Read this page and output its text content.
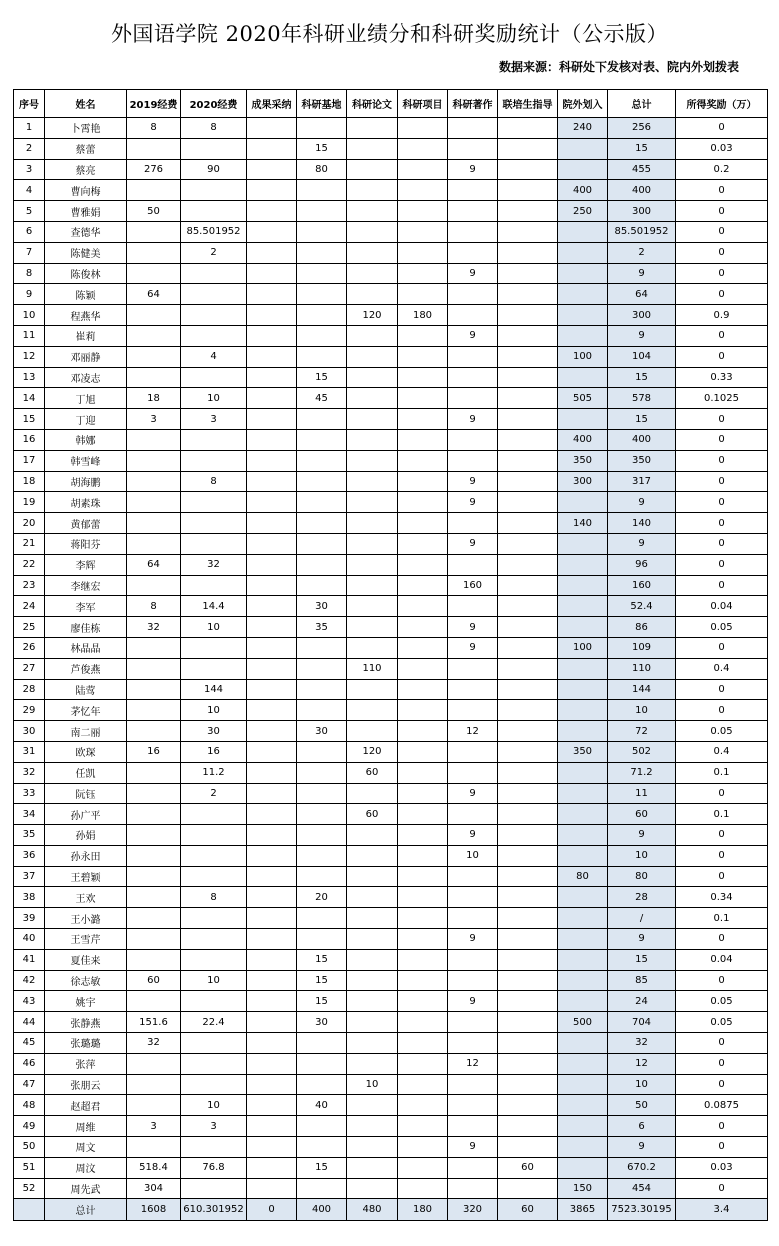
外国语学院 2020年科研业绩分和科研奖励统计（公示版）
数据来源：科研处下发核对表、院内外划拨表
序号	姓名	2019经费	2020经费	成果采纳	科研基地	科研论文	科研项目	科研著作	联培生指导	院外划入	总计	所得奖励（万）
1	卜霄艳	8	8							240	256	0
2	蔡蕾				15						15	0.03
3	蔡亮	276	90		80			9			455	0.2
4	曹向梅									400	400	0
5	曹雅娟	50								250	300	0
6	查德华		85.501952								85.501952	0
7	陈健美		2								2	0
8	陈俊林							9			9	0
9	陈颖	64									64	0
10	程燕华					120	180				300	0.9
11	崔莉							9			9	0
12	邓丽静		4							100	104	0
13	邓凌志				15						15	0.33
14	丁旭	18	10		45					505	578	0.1025
15	丁迎	3	3					9			15	0
16	韩娜									400	400	0
17	韩雪峰									350	350	0
18	胡海鹏		8					9		300	317	0
19	胡素珠							9			9	0
20	黄郁蕾									140	140	0
21	蒋阳芬							9			9	0
22	李辉	64	32								96	0
23	李继宏							160			160	0
24	李军	8	14.4		30						52.4	0.04
25	廖佳栋	32	10		35			9			86	0.05
26	林晶晶							9		100	109	0
27	芦俊燕					110					110	0.4
28	陆莺		144								144	0
29	茅忆年		10								10	0
30	南二丽		30		30			12			72	0.05
31	欧琛	16	16			120				350	502	0.4
32	任凯		11.2			60					71.2	0.1
33	阮钰		2					9			11	0
34	孙广平					60					60	0.1
35	孙娟							9			9	0
36	孙永田							10			10	0
37	王碧颖									80	80	0
38	王欢		8		20						28	0.34
39	王小潞										/	0.1
40	王雪芹							9			9	0
41	夏佳来				15						15	0.04
42	徐志敏	60	10		15						85	0
43	姚宇				15			9			24	0.05
44	张静燕	151.6	22.4		30					500	704	0.05
45	张璐璐	32									32	0
46	张萍							12			12	0
47	张朋云					10					10	0
48	赵超君		10		40						50	0.0875
49	周维	3	3								6	0
50	周文							9			9	0
51	周汶	518.4	76.8		15				60		670.2	0.03
52	周先武	304								150	454	0
	总计	1608	610.301952	0	400	480	180	320	60	3865	7523.30195	3.4
